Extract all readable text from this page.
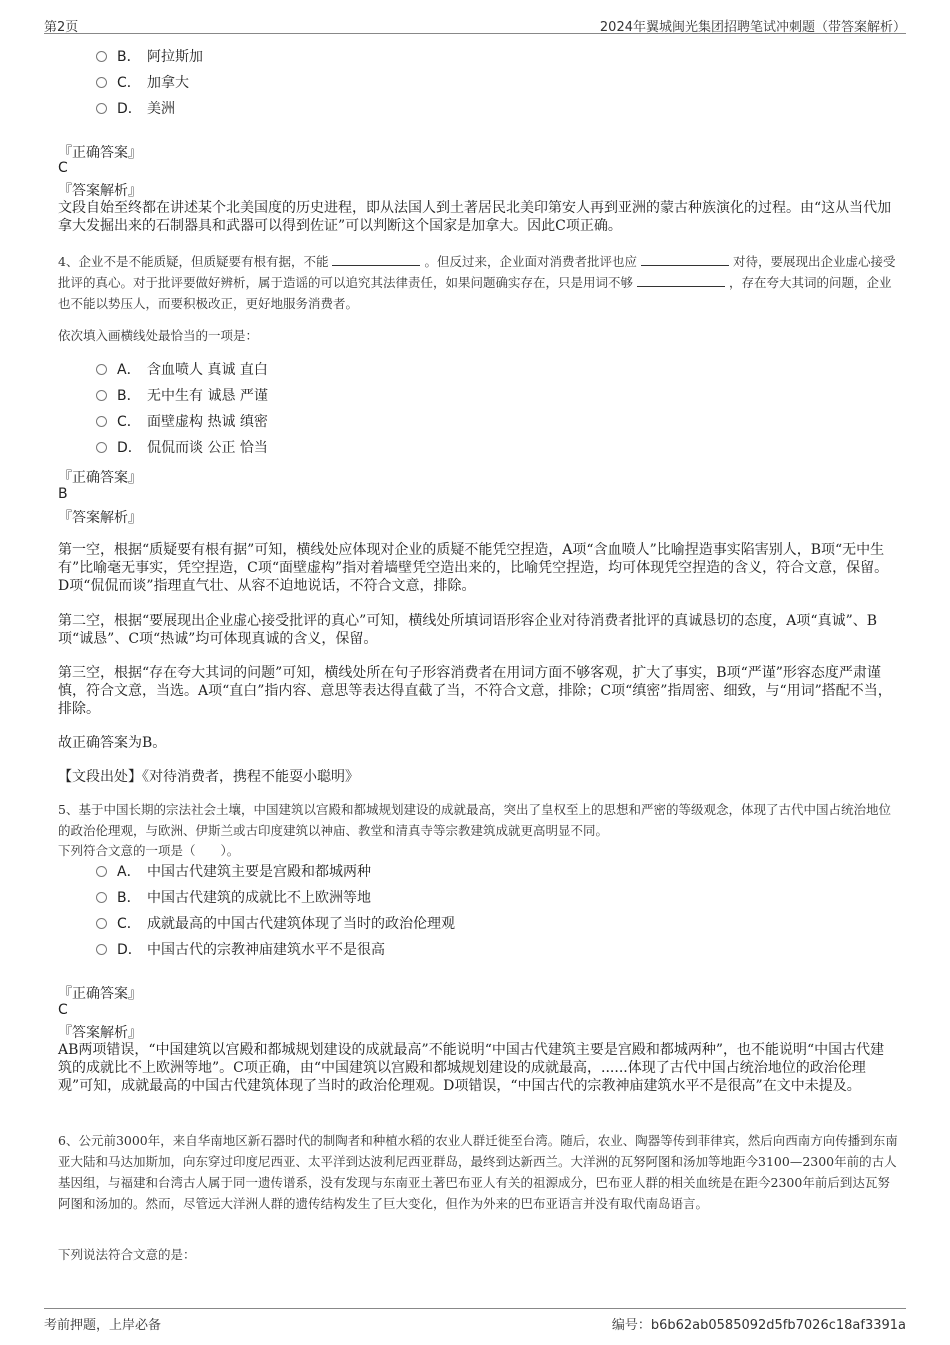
第2页	2024年翼城闽光集团招聘笔试冲刺题（带答案解析）
B． 阿拉斯加
C． 加拿大
D． 美洲
『正确答案』
C
『答案解析』
文段自始至终都在讲述某个北美国度的历史进程，即从法国人到土著居民北美印第安人再到亚洲的蒙古种族演化的过程。由“这从当代加拿大发掘出来的石制器具和武器可以得到佐证”可以判断这个国家是加拿大。因此C项正确。
4、企业不是不能质疑，但质疑要有根有据，不能	。但反过来，企业面对消费者批评也应	对待，要展现出企业虚心接受批评的真心。对于批评要做好辨析，属于造谣的可以追究其法律责任，如果问题确实存在，只是用词不够	，存在夸大其词的问题，企业也不能以势压人，而要积极改正，更好地服务消费者。
依次填入画横线处最恰当的一项是：
A． 含血喷人 真诚 直白
B． 无中生有 诚恳 严谨
C． 面壁虚构 热诚 缜密
D． 侃侃而谈 公正 恰当
『正确答案』
B
『答案解析』
第一空，根据“质疑要有根有据”可知，横线处应体现对企业的质疑不能凭空捏造，A项“含血喷人”比喻捏造事实陷害别人，B项“无中生有”比喻毫无事实，凭空捏造，C项“面壁虚构”指对着墙壁凭空造出来的，比喻凭空捏造，均可体现凭空捏造的含义，符合文意，保留。D项“侃侃而谈”指理直气壮、从容不迫地说话，不符合文意，排除。
第二空，根据“要展现出企业虚心接受批评的真心”可知，横线处所填词语形容企业对待消费者批评的真诚恳切的态度，A项“真诚”、B项“诚恳”、C项“热诚”均可体现真诚的含义，保留。
第三空，根据“存在夸大其词的问题”可知，横线处所在句子形容消费者在用词方面不够客观，扩大了事实，B项“严谨”形容态度严肃谨慎，符合文意，当选。A项“直白”指内容、意思等表达得直截了当，不符合文意，排除；C项“缜密”指周密、细致，与“用词”搭配不当，排除。
故正确答案为B。
【文段出处】《对待消费者，携程不能耍小聪明》
5、基于中国长期的宗法社会土壤，中国建筑以宫殿和都城规划建设的成就最高，突出了皇权至上的思想和严密的等级观念，体现了古代中国占统治地位的政治伦理观，与欧洲、伊斯兰或古印度建筑以神庙、教堂和清真寺等宗教建筑成就更高明显不同。
下列符合文意的一项是（　　）。
A． 中国古代建筑主要是宫殿和都城两种
B． 中国古代建筑的成就比不上欧洲等地
C． 成就最高的中国古代建筑体现了当时的政治伦理观
D． 中国古代的宗教神庙建筑水平不是很高
『正确答案』
C
『答案解析』
AB两项错误，“中国建筑以宫殿和都城规划建设的成就最高”不能说明“中国古代建筑主要是宫殿和都城两种”，也不能说明“中国古代建筑的成就比不上欧洲等地”。C项正确，由“中国建筑以宫殿和都城规划建设的成就最高，......体现了古代中国占统治地位的政治伦理观”可知，成就最高的中国古代建筑体现了当时的政治伦理观。D项错误，“中国古代的宗教神庙建筑水平不是很高”在文中未提及。
6、公元前3000年，来自华南地区新石器时代的制陶者和种植水稻的农业人群迁徙至台湾。随后，农业、陶器等传到菲律宾，然后向西南方向传播到东南亚大陆和马达加斯加，向东穿过印度尼西亚、太平洋到达波利尼西亚群岛，最终到达新西兰。大洋洲的瓦努阿图和汤加等地距今3100—2300年前的古人基因组，与福建和台湾古人属于同一遗传谱系，没有发现与东南亚土著巴布亚人有关的祖源成分，巴布亚人群的相关血统是在距今2300年前后到达瓦努阿图和汤加的。然而，尽管远大洋洲人群的遗传结构发生了巨大变化，但作为外来的巴布亚语言并没有取代南岛语言。
下列说法符合文意的是：
考前押题，上岸必备	编号：b6b62ab0585092d5fb7026c18af3391a
